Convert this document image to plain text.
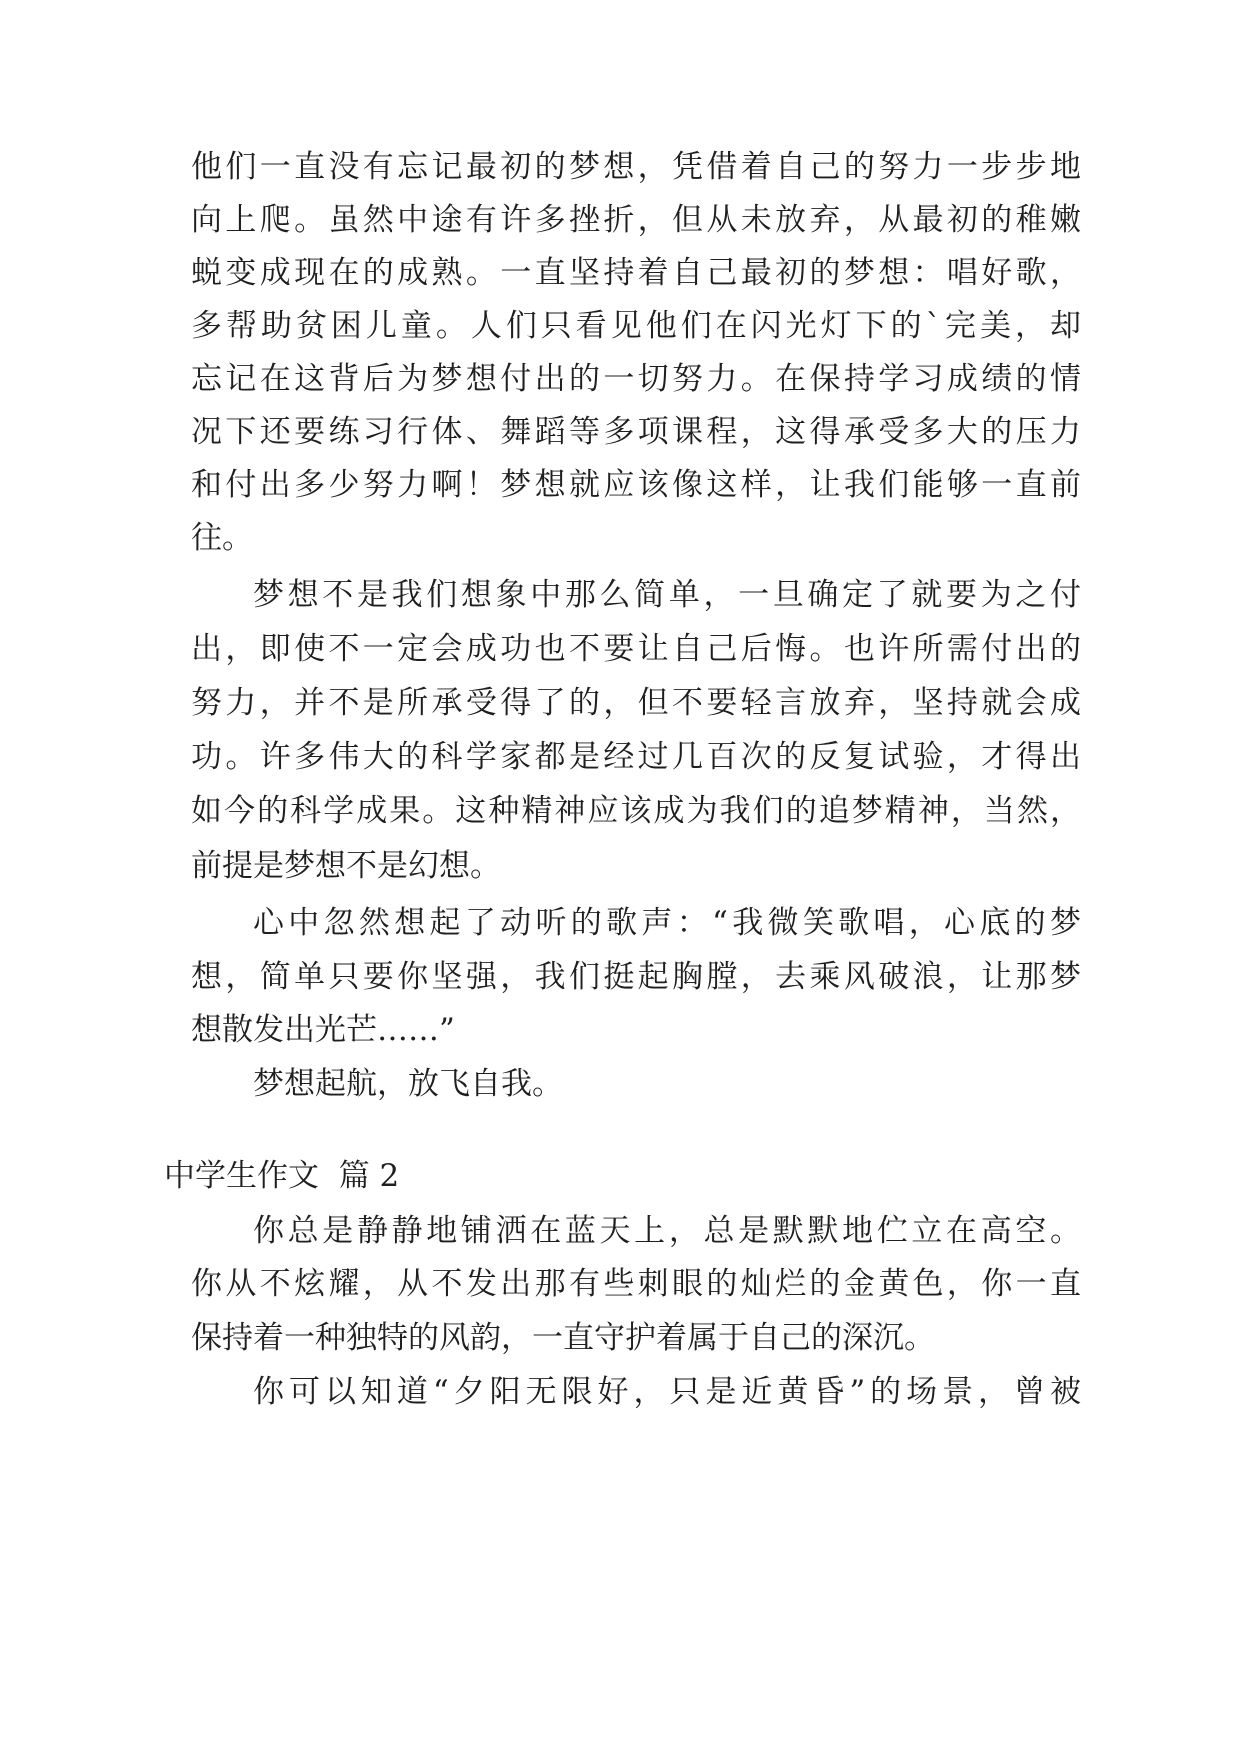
他们一直没有忘记最初的梦想，凭借着自己的努力一步步地

向上爬。虽然中途有许多挫折，但从未放弃，从最初的稚嫩

蜕变成现在的成熟。一直坚持着自己最初的梦想：唱好歌，

多帮助贫困儿童。人们只看见他们在闪光灯下的`完美，却

忘记在这背后为梦想付出的一切努力。在保持学习成绩的情

况下还要练习行体、舞蹈等多项课程，这得承受多大的压力

和付出多少努力啊！梦想就应该像这样，让我们能够一直前

往。

梦想不是我们想象中那么简单，一旦确定了就要为之付

出，即使不一定会成功也不要让自己后悔。也许所需付出的

努力，并不是所承受得了的，但不要轻言放弃，坚持就会成

功。许多伟大的科学家都是经过几百次的反复试验，才得出

如今的科学成果。这种精神应该成为我们的追梦精神，当然，

前提是梦想不是幻想。

心中忽然想起了动听的歌声：“我微笑歌唱，心底的梦

想，简单只要你坚强，我们挺起胸膛，去乘风破浪，让那梦

想散发出光芒……”

梦想起航，放飞自我。

中学生作文  篇 2

你总是静静地铺洒在蓝天上，总是默默地伫立在高空。

你从不炫耀，从不发出那有些刺眼的灿烂的金黄色，你一直

保持着一种独特的风韵，一直守护着属于自己的深沉。

你可以知道“夕阳无限好，只是近黄昏”的场景，曾被
